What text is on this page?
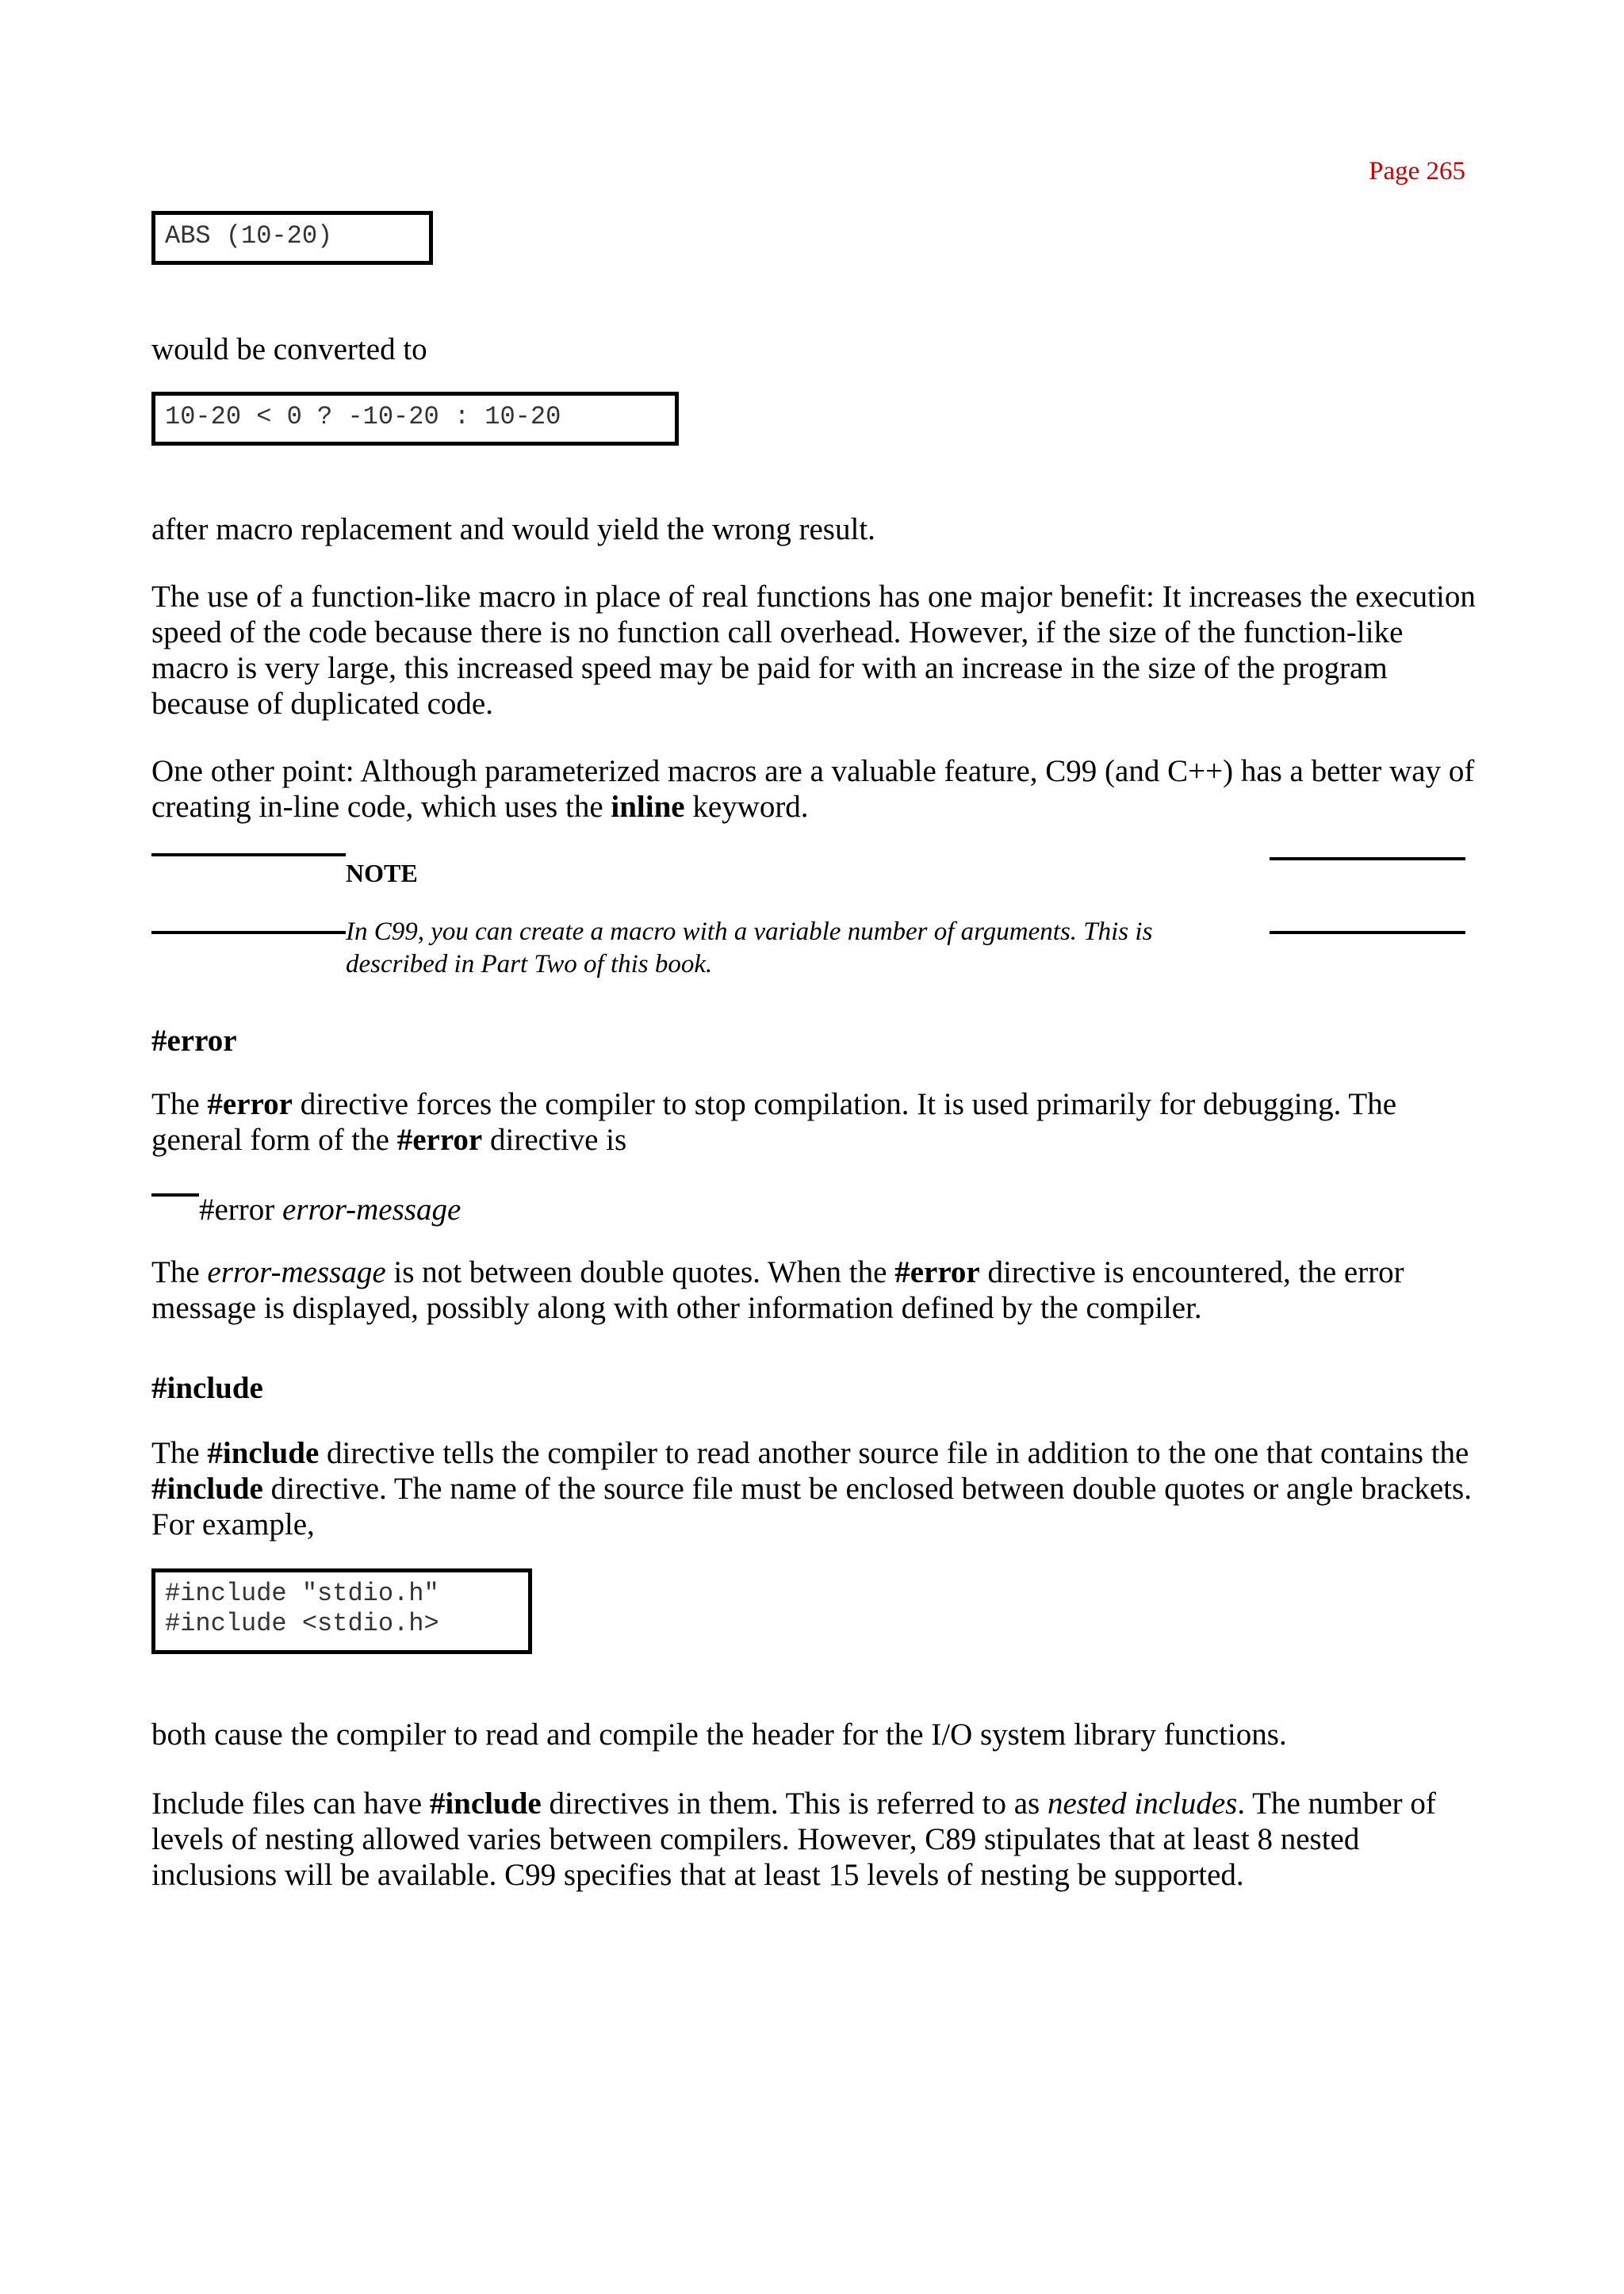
Page 265
ABS (10-20)
would be converted to
10-20 < 0 ? -10-20 : 10-20
after macro replacement and would yield the wrong result.
The use of a function-like macro in place of real functions has one major benefit: It increases the execution speed of the code because there is no function call overhead. However, if the size of the function-like macro is very large, this increased speed may be paid for with an increase in the size of the program because of duplicated code.
One other point: Although parameterized macros are a valuable feature, C99 (and C++) has a better way of creating in-line code, which uses the inline keyword.
NOTE
In C99, you can create a macro with a variable number of arguments. This is described in Part Two of this book.
#error
The #error directive forces the compiler to stop compilation. It is used primarily for debugging. The general form of the #error directive is
#error error-message
The error-message is not between double quotes. When the #error directive is encountered, the error message is displayed, possibly along with other information defined by the compiler.
#include
The #include directive tells the compiler to read another source file in addition to the one that contains the #include directive. The name of the source file must be enclosed between double quotes or angle brackets. For example,
#include "stdio.h"
#include <stdio.h>
both cause the compiler to read and compile the header for the I/O system library functions.
Include files can have #include directives in them. This is referred to as nested includes. The number of levels of nesting allowed varies between compilers. However, C89 stipulates that at least 8 nested inclusions will be available. C99 specifies that at least 15 levels of nesting be supported.
